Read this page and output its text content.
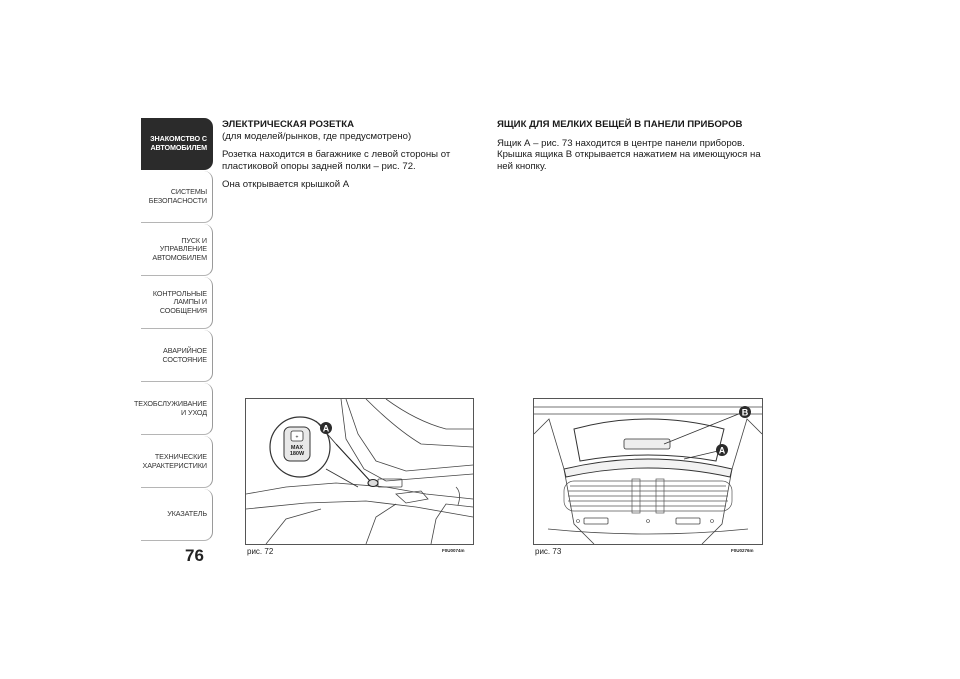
ЗНАКОМСТВО С
АВТОМОБИЛЕМ
СИСТЕМЫ
БЕЗОПАСНОСТИ
ПУСК И УПРАВЛЕНИЕ
АВТОМОБИЛЕМ
КОНТРОЛЬНЫЕ
ЛАМПЫ И
СООБЩЕНИЯ
АВАРИЙНОЕ
СОСТОЯНИЕ
ТЕХОБСЛУЖИВАНИЕ
И УХОД
ТЕХНИЧЕСКИЕ
ХАРАКТЕРИСТИКИ
УКАЗАТЕЛЬ
76
ЭЛЕКТРИЧЕСКАЯ РОЗЕТКА

(для моделей/рынков, где предусмотрено)

Розетка находится в багажнике с левой стороны от пластиковой опоры задней полки – рис. 72.

Она открывается крышкой А

ЯЩИК ДЛЯ МЕЛКИХ ВЕЩЕЙ В ПАНЕЛИ ПРИБОРОВ

Ящик А – рис. 73 находится в центре панели приборов. Крышка ящика В открывается нажатием на имеющуюся на ней кнопку.

+
MAX
180W
A
рис. 72	F0U0074m
B
A
рис. 73	F0U0276m
